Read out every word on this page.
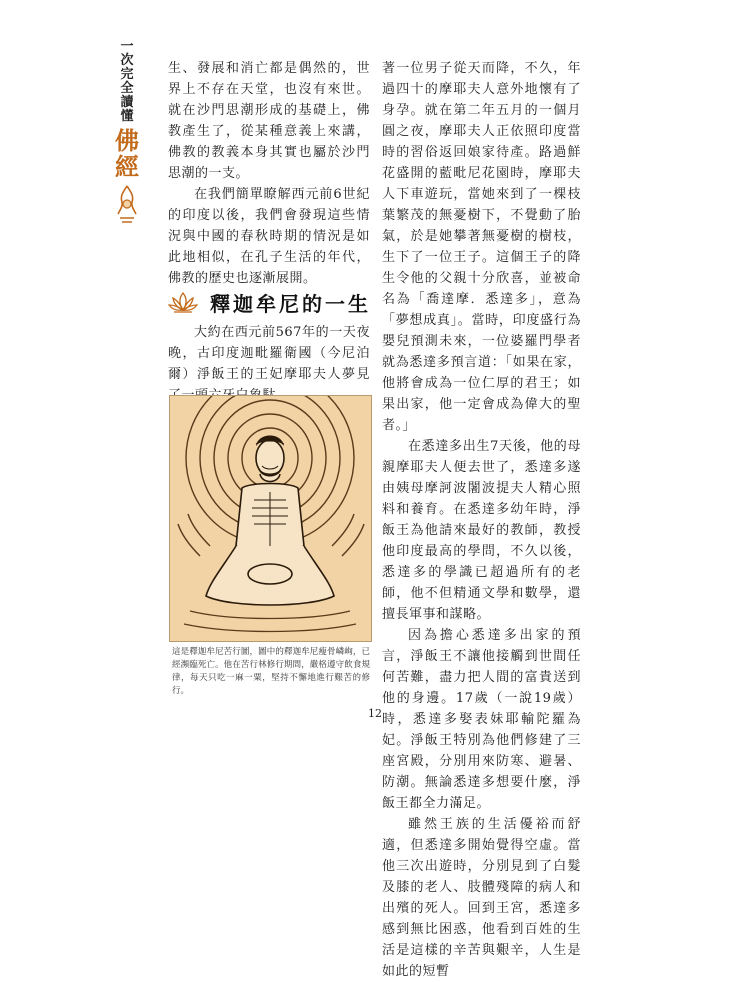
一次完全讀懂
佛經

生、發展和消亡都是偶然的，世界上不存在天堂，也沒有來世。就在沙門思潮形成的基礎上，佛教產生了，從某種意義上來講，佛教的教義本身其實也屬於沙門思潮的一支。

在我們簡單瞭解西元前6世紀的印度以後，我們會發現這些情況與中國的春秋時期的情況是如此地相似，在孔子生活的年代，佛教的歷史也逐漸展開。

釋迦牟尼的一生

大約在西元前567年的一天夜晚，古印度迦毗羅衛國（今尼泊爾）淨飯王的王妃摩耶夫人夢見

這是釋迦牟尼苦行圖，圖中的釋迦牟尼瘦骨嶙峋，已經瀕臨死亡。他在苦行林修行期間，嚴格遵守飲食規律，每天只吃一麻一粟，堅持不懈地進行艱苦的修行。

著一位男子從天而降，不久，年過四十的摩耶夫人意外地懷有了身孕。就在第二年五月的一個月圓之夜，摩耶夫人正依照印度當時的習俗返回娘家待產。路過鮮花盛開的藍毗尼花園時，摩耶夫人下車遊玩，當她來到了一棵枝葉繁茂的無憂樹下，不覺動了胎氣，於是她攀著無憂樹的樹枝，生下了一位王子。這個王子的降生令他的父親十分欣喜，並被命名為「喬達摩．悉達多」，意為「夢想成真」。當時，印度盛行為嬰兒預測未來，一位婆羅門學者就為悉達多預言道：「如果在家，他將會成為一位仁厚的君王；如果出家，他一定會成為偉大的聖者。」

在悉達多出生7天後，他的母親摩耶夫人便去世了，悉達多遂由姨母摩訶波闍波提夫人精心照料和養育。在悉達多幼年時，淨飯王為他請來最好的教師，教授他印度最高的學問，不久以後，悉達多的學識已超過所有的老師，他不但精通文學和數學，還擅長軍事和謀略。

因為擔心悉達多出家的預言，淨飯王不讓他接觸到世間任何苦難，盡力把人間的富貴送到他的身邊。17歲（一說19歲）時，悉達多娶表妹耶輸陀羅為妃。淨飯王特別為他們修建了三座宮殿，分別用來防寒、避暑、防潮。無論悉達多想要什麼，淨飯王都全力滿足。

雖然王族的生活優裕而舒適，但悉達多開始覺得空虛。當他三次出遊時，分別見到了白髮及膝的老人、肢體殘障的病人和出殯的死人。回到王宮，悉達多感到無比困惑，他看到百姓的生活是這樣的辛苦與艱辛，人生是如此的短暫

12
